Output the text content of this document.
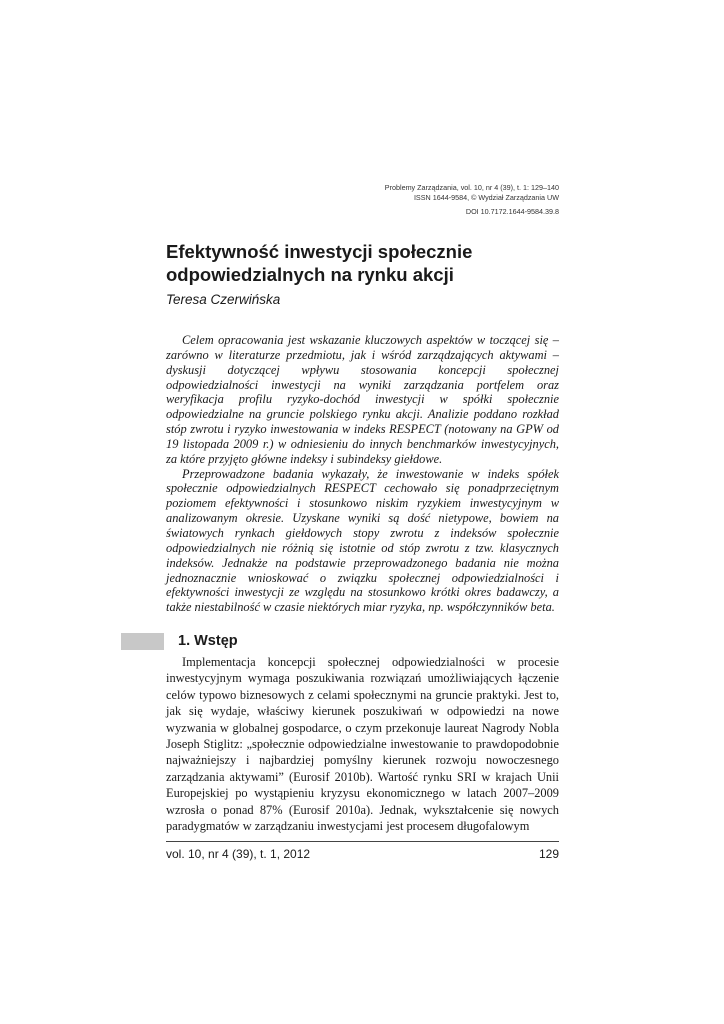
Problemy Zarządzania, vol. 10, nr 4 (39), t. 1: 129–140
ISSN 1644-9584, © Wydział Zarządzania UW
DOI 10.7172.1644-9584.39.8
Efektywność inwestycji społecznie odpowiedzialnych na rynku akcji
Teresa Czerwińska

Celem opracowania jest wskazanie kluczowych aspektów w toczącej się – zarówno w literaturze przedmiotu, jak i wśród zarządzających aktywami – dyskusji dotyczącej wpływu stosowania koncepcji społecznej odpowiedzialności inwestycji na wyniki zarządzania portfelem oraz weryfikacja profilu ryzyko-dochód inwestycji w spółki społecznie odpowiedzialne na gruncie polskiego rynku akcji. Analizie poddano rozkład stóp zwrotu i ryzyko inwestowania w indeks RESPECT (notowany na GPW od 19 listopada 2009 r.) w odniesieniu do innych benchmarków inwestycyjnych, za które przyjęto główne indeksy i subindeksy giełdowe.

Przeprowadzone badania wykazały, że inwestowanie w indeks spółek społecznie odpowiedzialnych RESPECT cechowało się ponadprzeciętnym poziomem efektywności i stosunkowo niskim ryzykiem inwestycyjnym w analizowanym okresie. Uzyskane wyniki są dość nietypowe, bowiem na światowych rynkach giełdowych stopy zwrotu z indeksów społecznie odpowiedzialnych nie różnią się istotnie od stóp zwrotu z tzw. klasycznych indeksów. Jednakże na podstawie przeprowadzonego badania nie można jednoznacznie wnioskować o związku społecznej odpowiedzialności i efektywności inwestycji ze względu na stosunkowo krótki okres badawczy, a także niestabilność w czasie niektórych miar ryzyka, np. współczynników beta.

1. Wstęp

Implementacja koncepcji społecznej odpowiedzialności w procesie inwestycyjnym wymaga poszukiwania rozwiązań umożliwiających łączenie celów typowo biznesowych z celami społecznymi na gruncie praktyki. Jest to, jak się wydaje, właściwy kierunek poszukiwań w odpowiedzi na nowe wyzwania w globalnej gospodarce, o czym przekonuje laureat Nagrody Nobla Joseph Stiglitz: „społecznie odpowiedzialne inwestowanie to prawdopodobnie najważniejszy i najbardziej pomyślny kierunek rozwoju nowoczesnego zarządzania aktywami” (Eurosif 2010b). Wartość rynku SRI w krajach Unii Europejskiej po wystąpieniu kryzysu ekonomicznego w latach 2007–2009 wzrosła o ponad 87% (Eurosif 2010a). Jednak, wykształcenie się nowych paradygmatów w zarządzaniu inwestycjami jest procesem długofalowym

vol. 10, nr 4 (39), t. 1, 2012	129
